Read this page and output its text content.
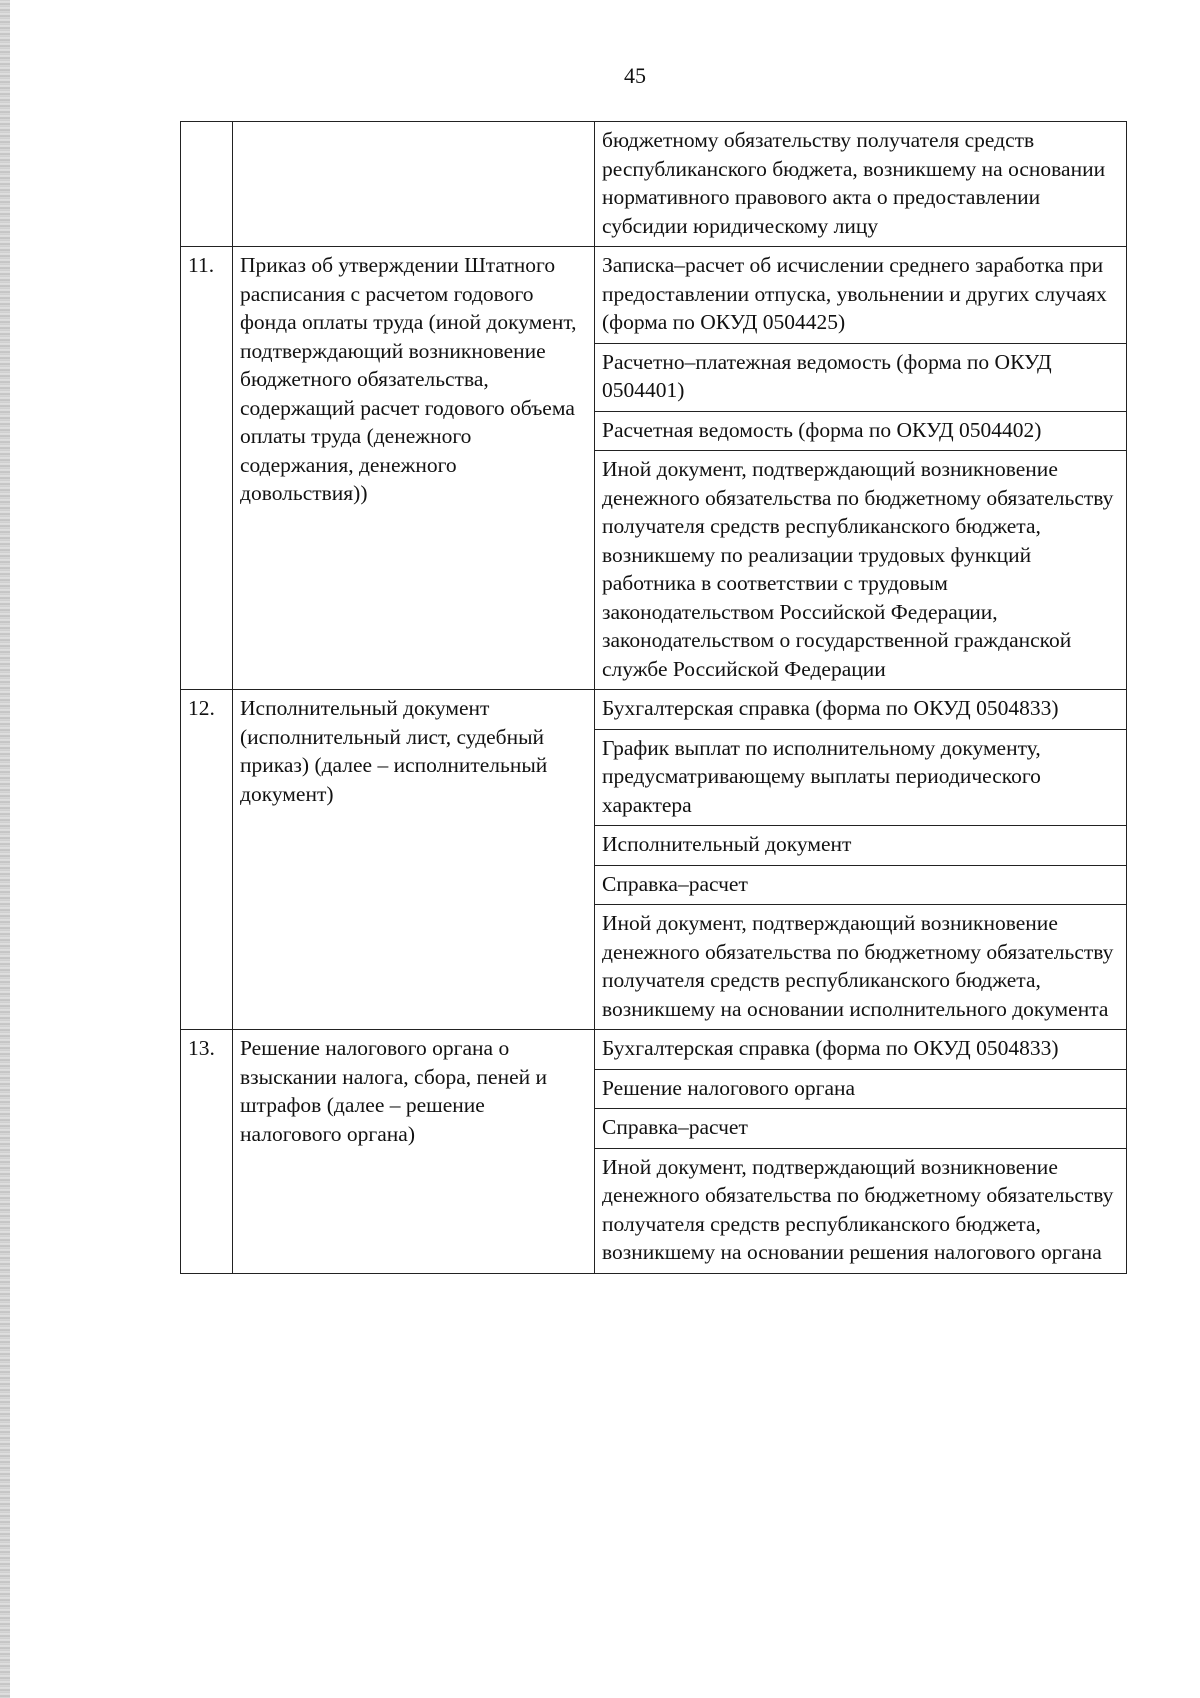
45
		бюджетному обязательству получателя средств республиканского бюджета, возникшему на основании нормативного правового акта о предоставлении субсидии юридическому лицу
11.	Приказ об утверждении Штатного расписания с расчетом годового фонда оплаты труда (иной документ, подтверждающий возникновение бюджетного обязательства, содержащий расчет годового объема оплаты труда (денежного содержания, денежного довольствия))	Записка–расчет об исчислении среднего заработка при предоставлении отпуска, увольнении и других случаях (форма по ОКУД 0504425)
		Расчетно–платежная ведомость (форма по ОКУД 0504401)
		Расчетная ведомость (форма по ОКУД 0504402)
		Иной документ, подтверждающий возникновение денежного обязательства по бюджетному обязательству получателя средств республиканского бюджета, возникшему по реализации трудовых функций работника в соответствии с трудовым законодательством Российской Федерации, законодательством о государственной гражданской службе Российской Федерации
12.	Исполнительный документ (исполнительный лист, судебный приказ) (далее – исполнительный документ)	Бухгалтерская справка (форма по ОКУД 0504833)
		График выплат по исполнительному документу, предусматривающему выплаты периодического характера
		Исполнительный документ
		Справка–расчет
		Иной документ, подтверждающий возникновение денежного обязательства по бюджетному обязательству получателя средств республиканского бюджета, возникшему на основании исполнительного документа
13.	Решение налогового органа о взыскании налога, сбора, пеней и штрафов (далее – решение налогового органа)	Бухгалтерская справка (форма по ОКУД 0504833)
		Решение налогового органа
		Справка–расчет
		Иной документ, подтверждающий возникновение денежного обязательства по бюджетному обязательству получателя средств республиканского бюджета, возникшему на основании решения налогового органа
